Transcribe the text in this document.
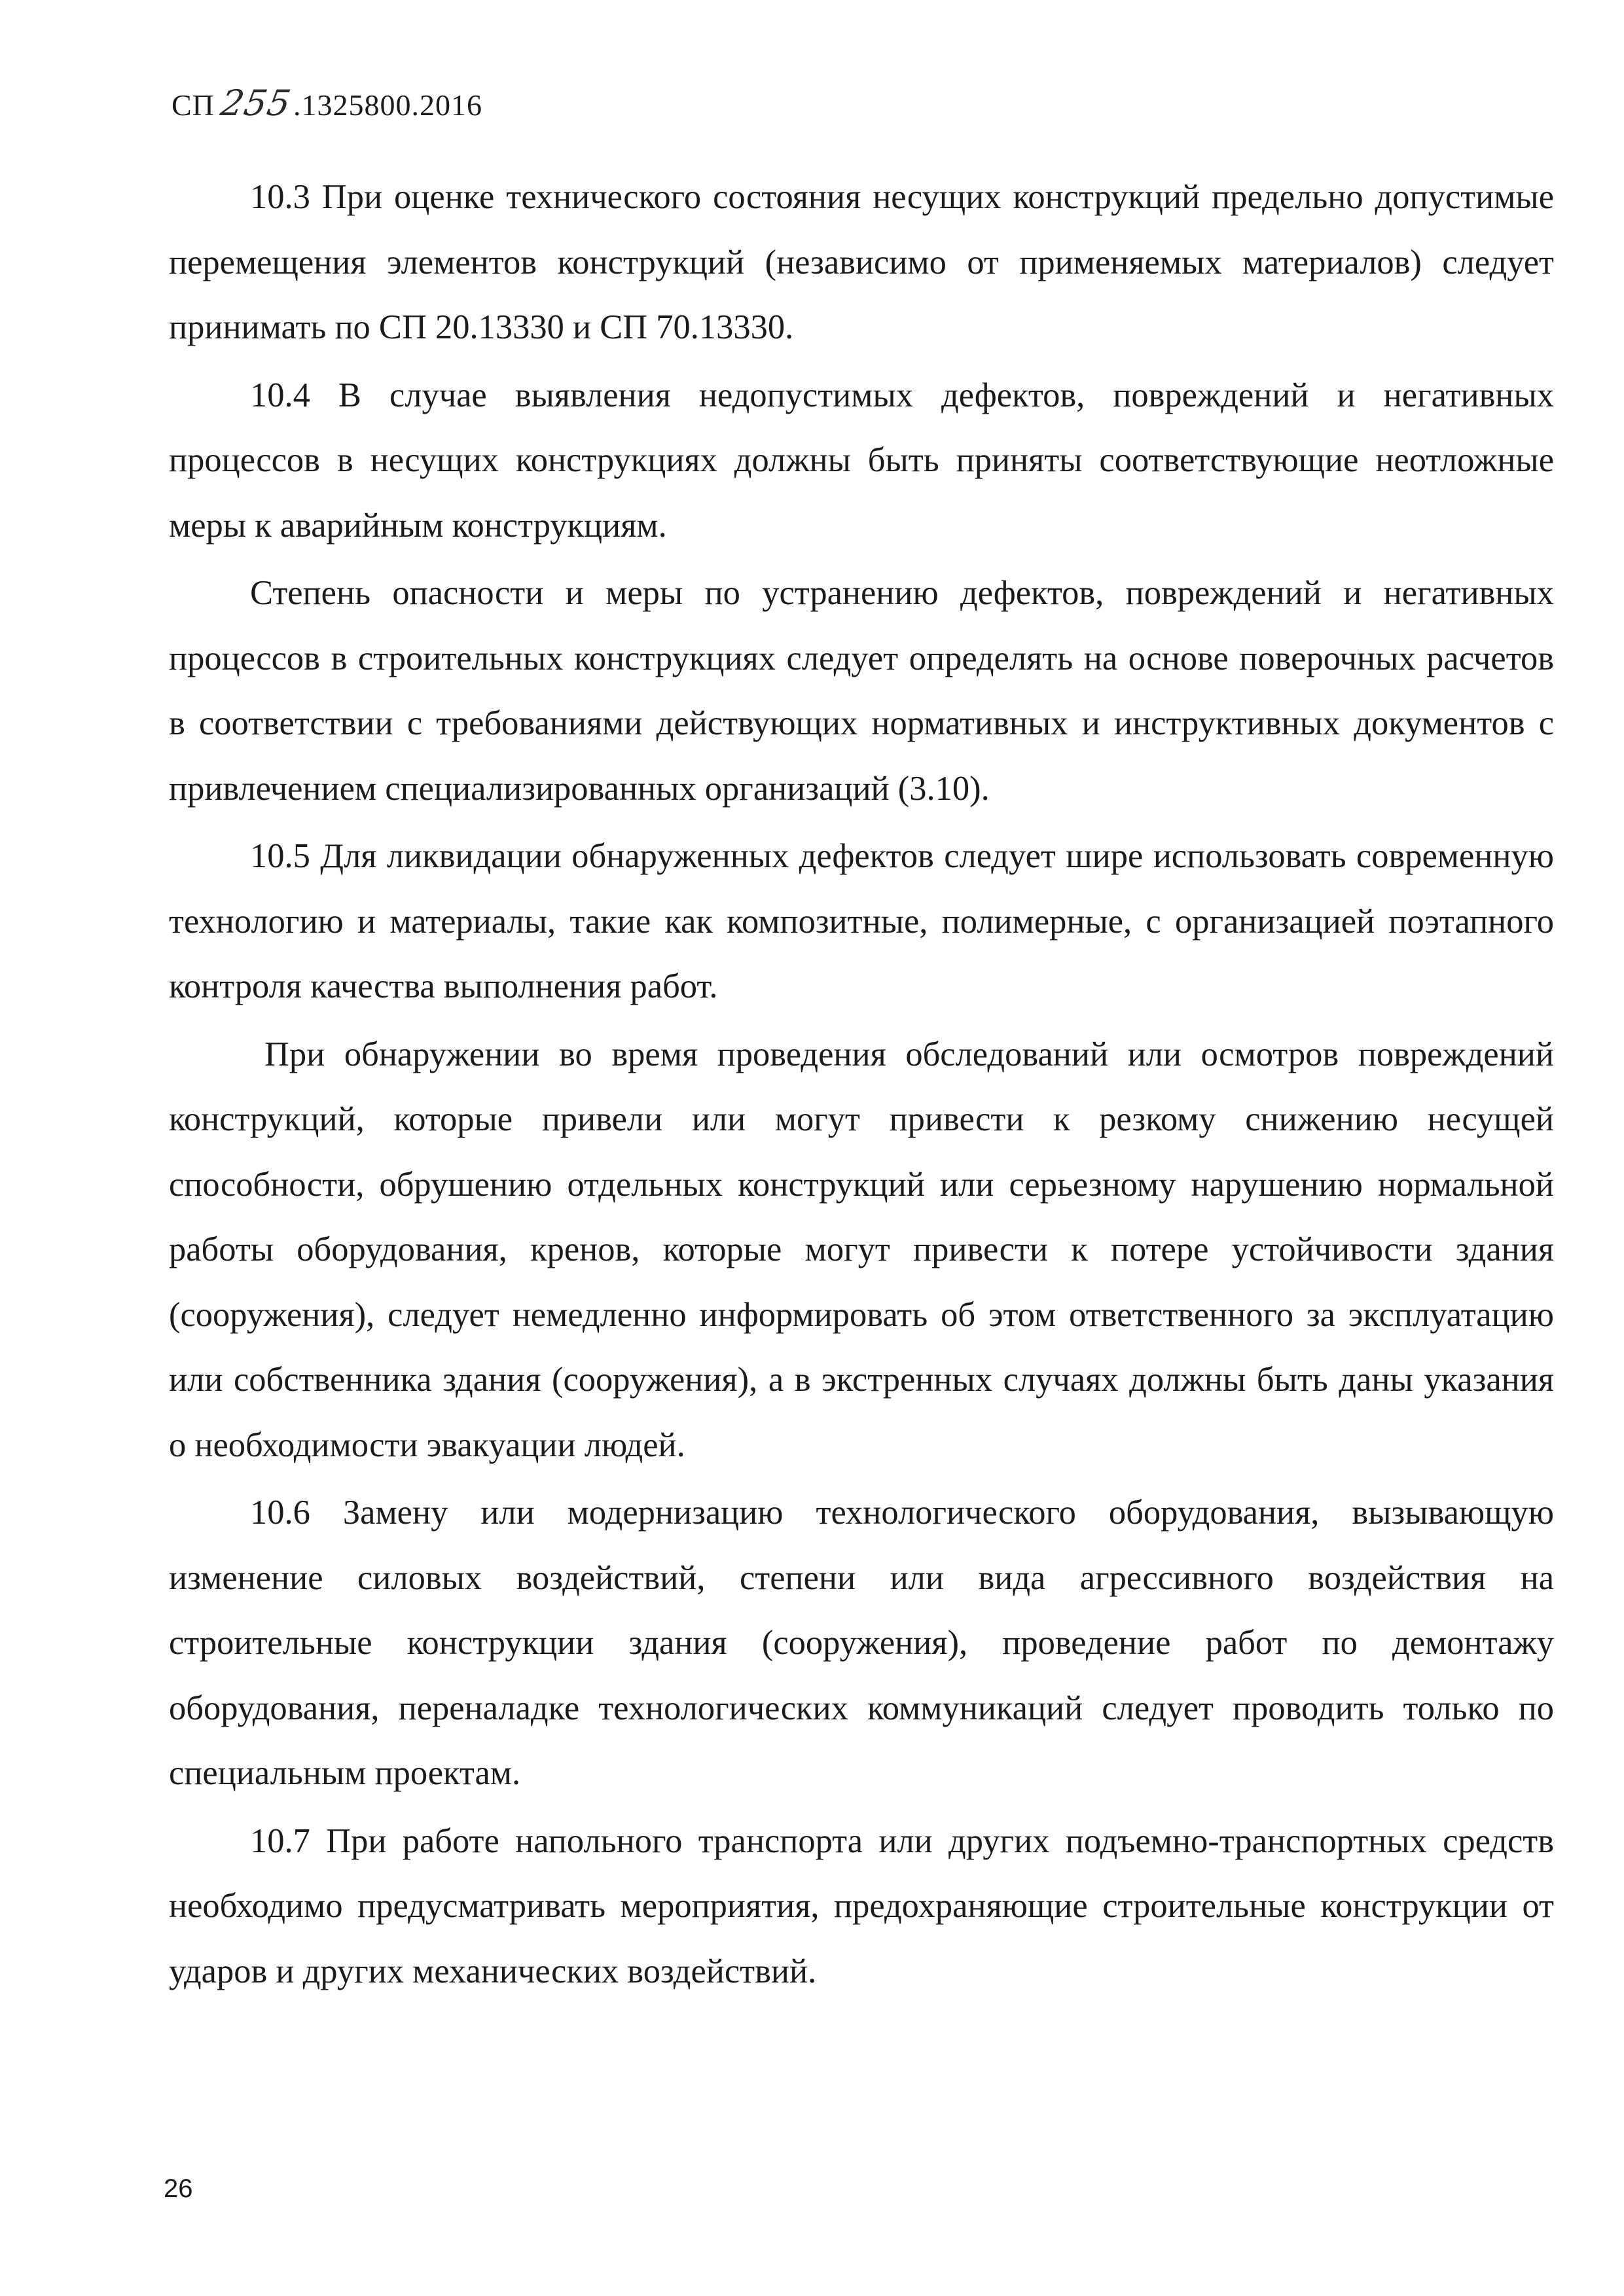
СП255.1325800.2016

10.3 При оценке технического состояния несущих конструкций предельно допустимые перемещения элементов конструкций (независимо от применяемых материалов) следует принимать по СП 20.13330 и СП 70.13330.

10.4 В случае выявления недопустимых дефектов, повреждений и негативных процессов в несущих конструкциях должны быть приняты соответствующие неотложные меры к аварийным конструкциям.

Степень опасности и меры по устранению дефектов, повреждений и негативных процессов в строительных конструкциях следует определять на основе поверочных расчетов в соответствии с требованиями действующих нормативных и инструктивных документов с привлечением специализированных организаций (3.10).

10.5 Для ликвидации обнаруженных дефектов следует шире использовать современную технологию и материалы, такие как композитные, полимерные, с организацией поэтапного контроля качества выполнения работ.

При обнаружении во время проведения обследований или осмотров повреждений конструкций, которые привели или могут привести к резкому снижению несущей способности, обрушению отдельных конструкций или серьезному нарушению нормальной работы оборудования, кренов, которые могут привести к потере устойчивости здания (сооружения), следует немедленно информировать об этом ответственного за эксплуатацию или собственника здания (сооружения), а в экстренных случаях должны быть даны указания о необходимости эвакуации людей.

10.6 Замену или модернизацию технологического оборудования, вызывающую изменение силовых воздействий, степени или вида агрессивного воздействия на строительные конструкции здания (сооружения), проведение работ по демонтажу оборудования, переналадке технологических коммуникаций следует проводить только по специальным проектам.

10.7 При работе напольного транспорта или других подъемно-транспортных средств необходимо предусматривать мероприятия, предохраняющие строительные конструкции от ударов и других механических воздействий.

26
